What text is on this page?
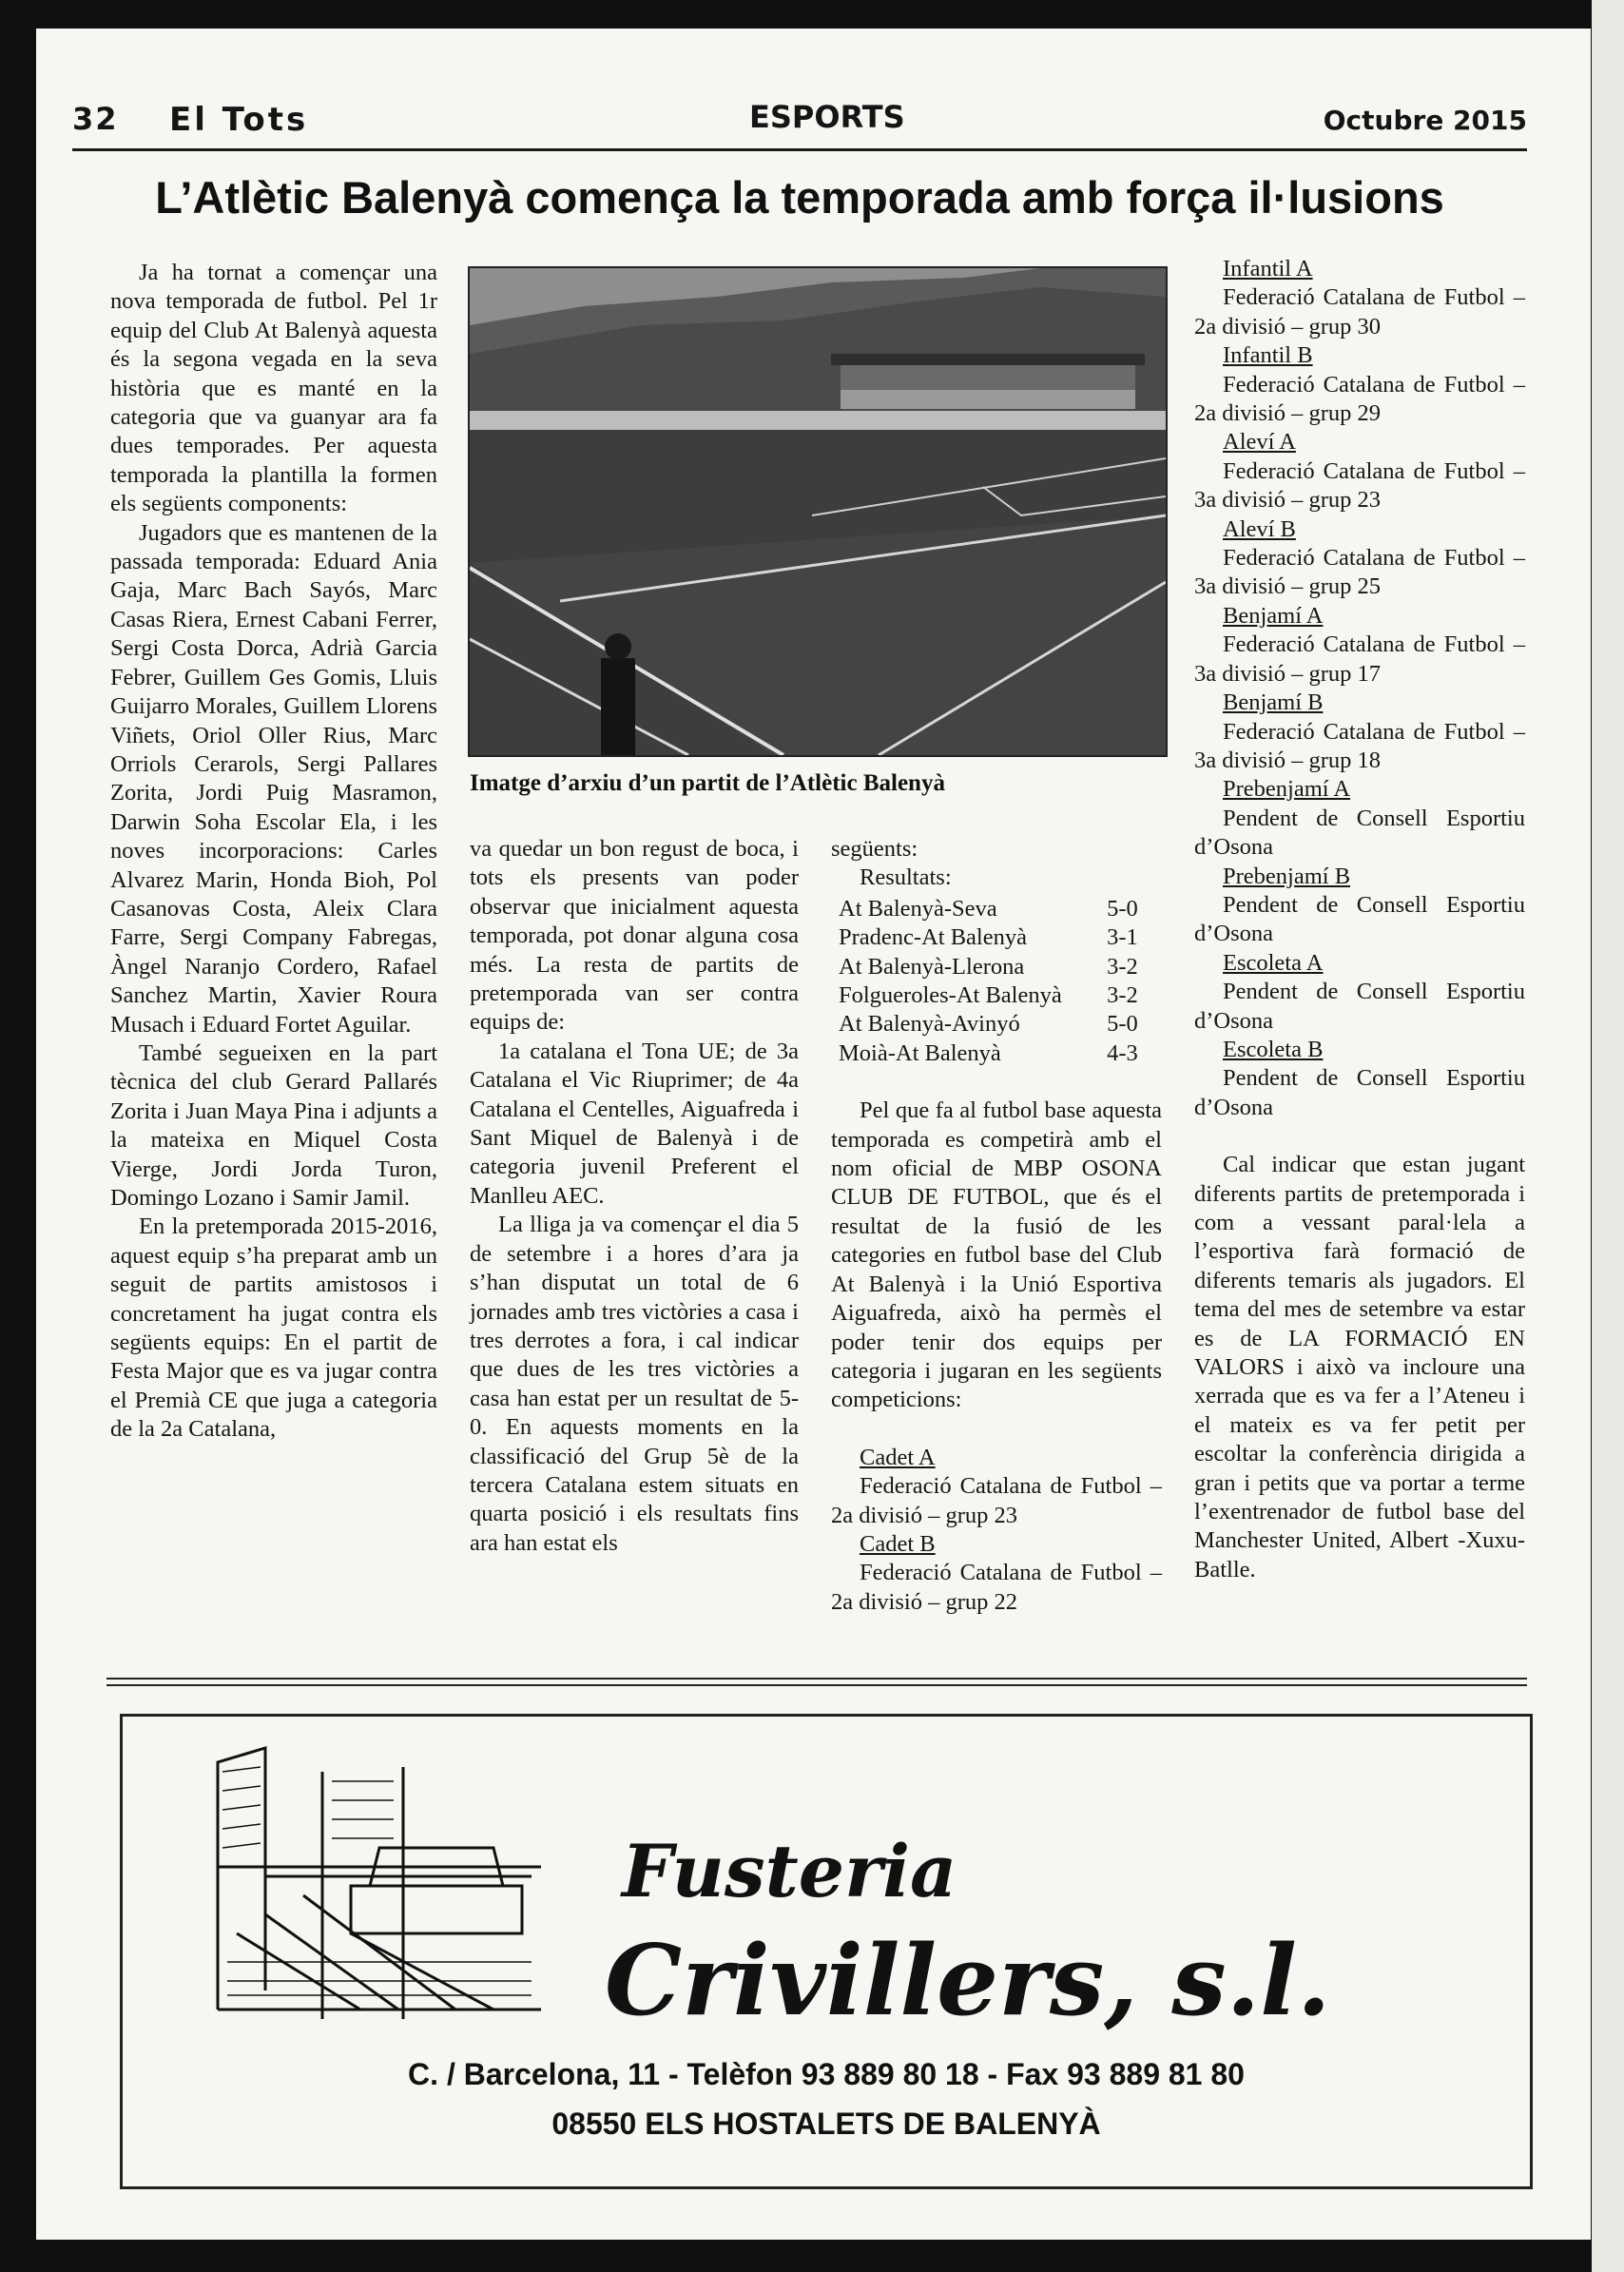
32 El Tots	ESPORTS	Octubre 2015
L’Atlètic Balenyà comença la temporada amb força il·lusions

Ja ha tornat a començar una nova temporada de futbol. Pel 1r equip del Club At Balenyà aquesta és la segona vegada en la seva història que es manté en la categoria que va guanyar ara fa dues temporades. Per aquesta temporada la plantilla la formen els següents components:

Jugadors que es mantenen de la passada temporada: Eduard Ania Gaja, Marc Bach Sayós, Marc Casas Riera, Ernest Cabani Ferrer, Sergi Costa Dorca, Adrià Garcia Febrer, Guillem Ges Gomis, Lluis Guijarro Morales, Guillem Llorens Viñets, Oriol Oller Rius, Marc Orriols Cerarols, Sergi Pallares Zorita, Jordi Puig Masramon, Darwin Soha Escolar Ela, i les noves incorporacions: Carles Alvarez Marin, Honda Bioh, Pol Casanovas Costa, Aleix Clara Farre, Sergi Company Fabregas, Àngel Naranjo Cordero, Rafael Sanchez Martin, Xavier Roura Musach i Eduard Fortet Aguilar.

També segueixen en la part tècnica del club Gerard Pallarés Zorita i Juan Maya Pina i adjunts a la mateixa en Miquel Costa Vierge, Jordi Jorda Turon, Domingo Lozano i Samir Jamil.

En la pretemporada 2015-2016, aquest equip s’ha preparat amb un seguit de partits amistosos i concretament ha jugat contra els següents equips: En el partit de Festa Major que es va jugar contra el Premià CE que juga a categoria de la 2a Catalana,

Imatge d’arxiu d’un partit de l’Atlètic Balenyà

va quedar un bon regust de boca, i tots els presents van poder observar que inicialment aquesta temporada, pot donar alguna cosa més. La resta de partits de pretemporada van ser contra equips de:

1a catalana el Tona UE; de 3a Catalana el Vic Riuprimer; de 4a Catalana el Centelles, Aiguafreda i Sant Miquel de Balenyà i de categoria juvenil Preferent el Manlleu AEC.

La lliga ja va començar el dia 5 de setembre i a hores d’ara ja s’han disputat un total de 6 jornades amb tres victòries a casa i tres derrotes a fora, i cal indicar que dues de les tres victòries a casa han estat per un resultat de 5-0. En aquests moments en la classificació del Grup 5è de la tercera Catalana estem situats en quarta posició i els resultats fins ara han estat els

següents:

Resultats:

At Balenyà-Seva	5-0
Pradenc-At Balenyà	3-1
At Balenyà-Llerona	3-2
Folgueroles-At Balenyà	3-2
At Balenyà-Avinyó	5-0
Moià-At Balenyà	4-3

Pel que fa al futbol base aquesta temporada es competirà amb el nom oficial de MBP OSONA CLUB DE FUTBOL, que és el resultat de la fusió de les categories en futbol base del Club At Balenyà i la Unió Esportiva Aiguafreda, això ha permès el poder tenir dos equips per categoria i jugaran en les següents competicions:

Cadet A

Federació Catalana de Futbol – 2a divisió – grup 23

Cadet B

Federació Catalana de Futbol – 2a divisió – grup 22

Infantil A

Federació Catalana de Futbol – 2a divisió – grup 30

Infantil B

Federació Catalana de Futbol – 2a divisió – grup 29

Aleví A

Federació Catalana de Futbol – 3a divisió – grup 23

Aleví B

Federació Catalana de Futbol – 3a divisió – grup 25

Benjamí A

Federació Catalana de Futbol – 3a divisió – grup 17

Benjamí B

Federació Catalana de Futbol – 3a divisió – grup 18

Prebenjamí A

Pendent de Consell Esportiu d’Osona

Prebenjamí B

Pendent de Consell Esportiu d’Osona

Escoleta A

Pendent de Consell Esportiu d’Osona

Escoleta B

Pendent de Consell Esportiu d’Osona

Cal indicar que estan jugant diferents partits de pretemporada i com a vessant paral·lela a l’esportiva farà formació de diferents temaris als jugadors. El tema del mes de setembre va estar es de LA FORMACIÓ EN VALORS i això va incloure una xerrada que es va fer a l’Ateneu i el mateix es va fer petit per escoltar la conferència dirigida a gran i petits que va portar a terme l’exentrenador de futbol base del Manchester United, Albert -Xuxu- Batlle.

Fusteria
Crivillers, s.l.
C. / Barcelona, 11 - Telèfon 93 889 80 18 - Fax 93 889 81 80
08550 ELS HOSTALETS DE BALENYÀ
